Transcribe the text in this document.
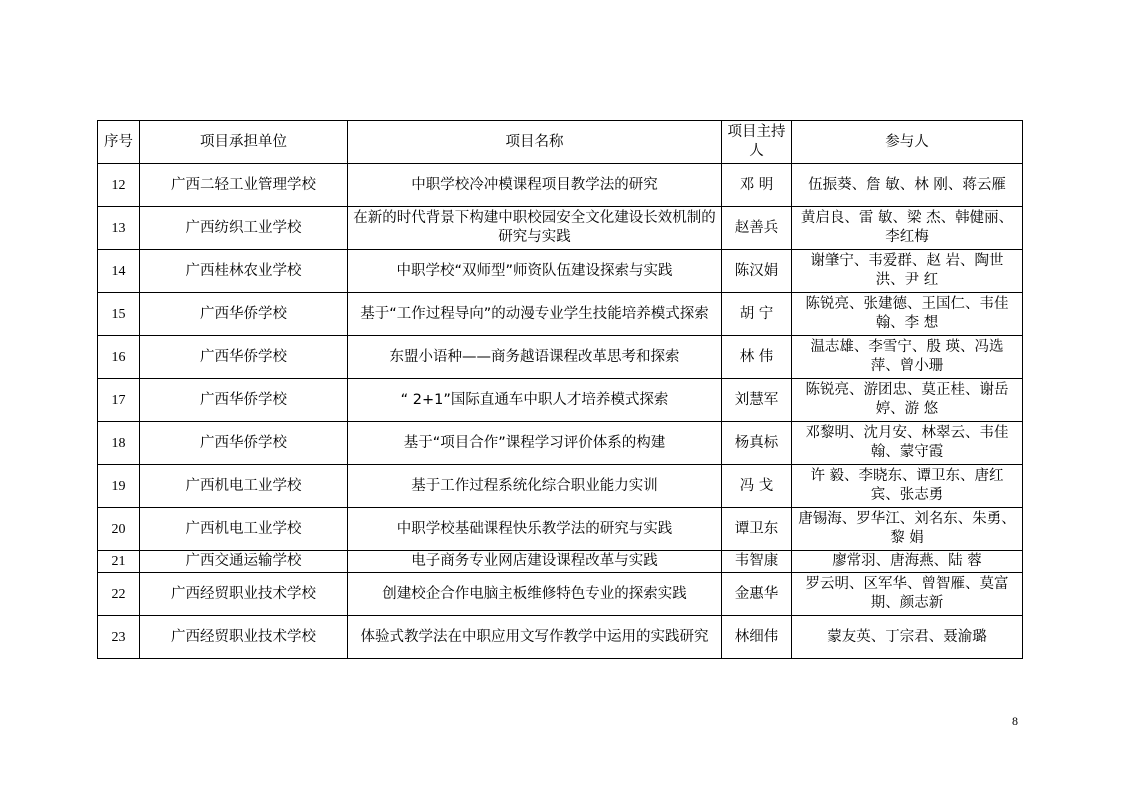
序号	项目承担单位	项目名称	项目主持人	参与人
12	广西二轻工业管理学校	中职学校冷冲模课程项目教学法的研究	邓 明	伍振葵、詹 敏、林 刚、蒋云雁
13	广西纺织工业学校	在新的时代背景下构建中职校园安全文化建设长效机制的研究与实践	赵善兵	黄启良、雷 敏、梁 杰、韩健丽、李红梅
14	广西桂林农业学校	中职学校“双师型”师资队伍建设探索与实践	陈汉娟	谢肇宁、韦爱群、赵 岩、陶世洪、尹 红
15	广西华侨学校	基于“工作过程导向”的动漫专业学生技能培养模式探索	胡 宁	陈锐亮、张建德、王国仁、韦佳翰、李 想
16	广西华侨学校	东盟小语种——商务越语课程改革思考和探索	林 伟	温志雄、李雪宁、殷 瑛、冯选萍、曾小珊
17	广西华侨学校	“ 2+1”国际直通车中职人才培养模式探索	刘慧军	陈锐亮、游团忠、莫正桂、谢岳婷、游 悠
18	广西华侨学校	基于“项目合作”课程学习评价体系的构建	杨真标	邓黎明、沈月安、林翠云、韦佳翰、蒙守霞
19	广西机电工业学校	基于工作过程系统化综合职业能力实训	冯 戈	许 毅、李晓东、谭卫东、唐红宾、张志勇
20	广西机电工业学校	中职学校基础课程快乐教学法的研究与实践	谭卫东	唐锡海、罗华江、刘名东、朱勇、黎 娟
21	广西交通运输学校	电子商务专业网店建设课程改革与实践	韦智康	廖常羽、唐海燕、陆 蓉
22	广西经贸职业技术学校	创建校企合作电脑主板维修特色专业的探索实践	金惠华	罗云明、区军华、曾智雁、莫富期、颜志新
23	广西经贸职业技术学校	体验式教学法在中职应用文写作教学中运用的实践研究	林细伟	蒙友英、丁宗君、聂渝璐
8
